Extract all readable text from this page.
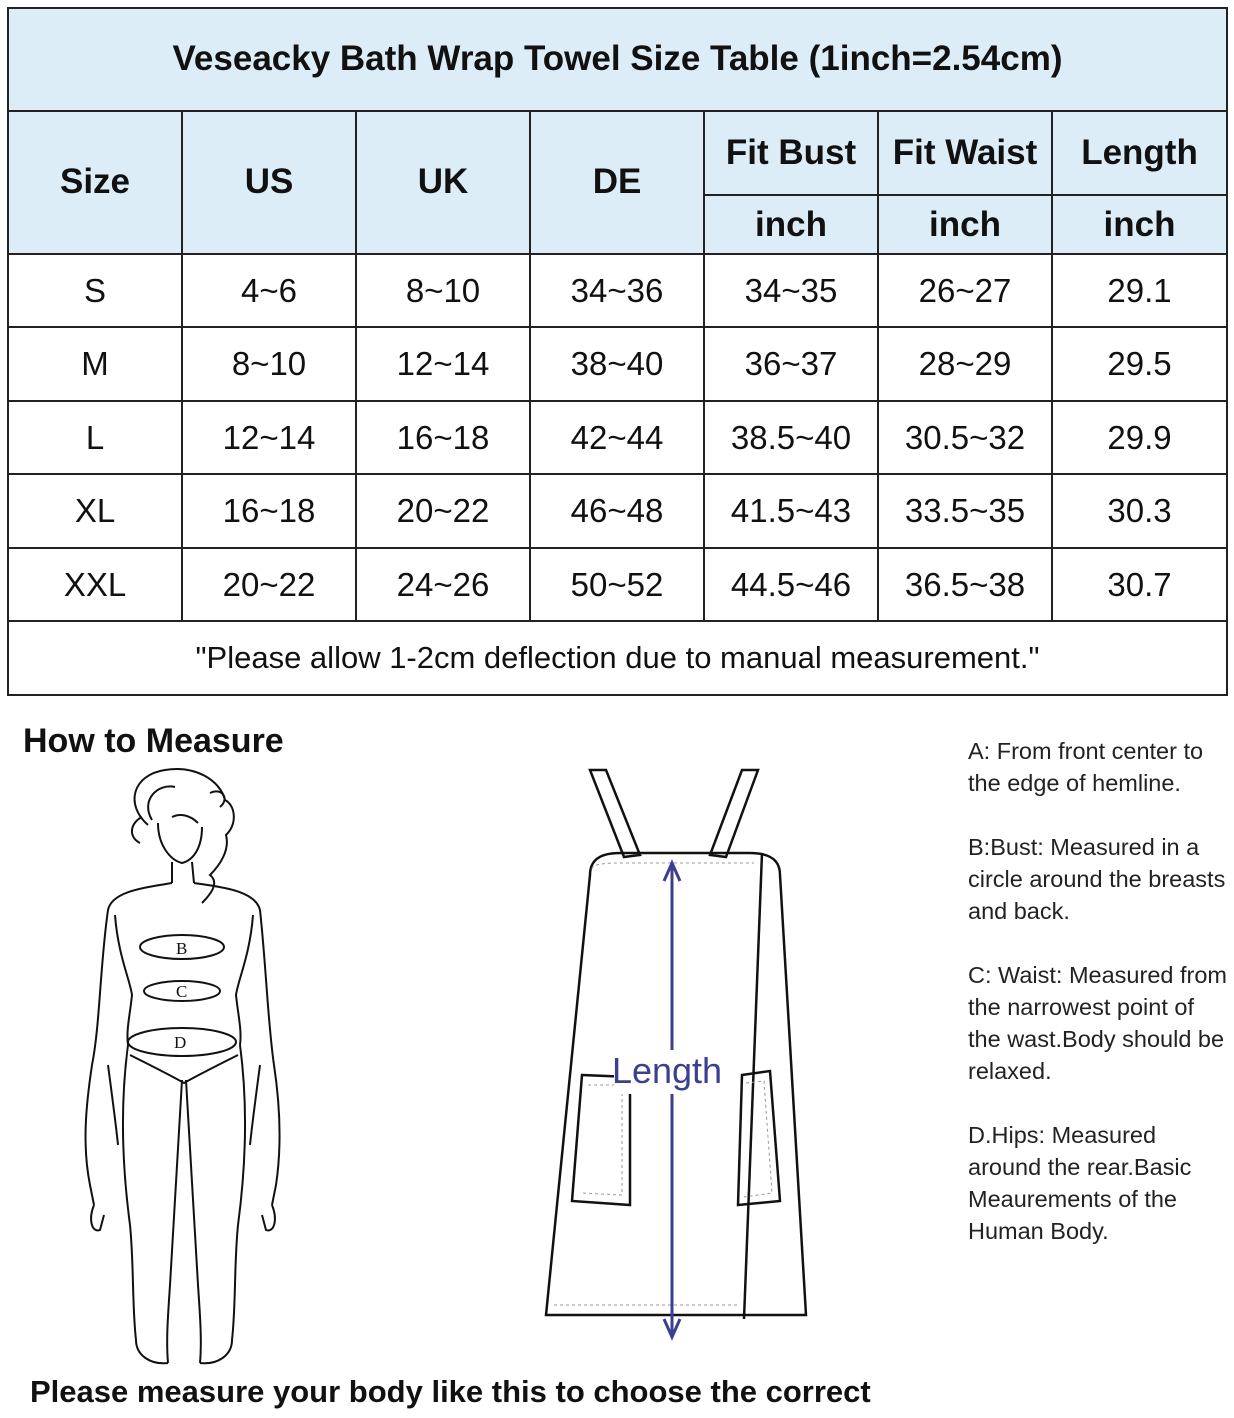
Veseacky Bath Wrap Towel Size Table (1inch=2.54cm)						
Size	US	UK	DE	Fit Bust	Fit Waist	Length
				inch	inch	inch
S	4~6	8~10	34~36	34~35	26~27	29.1
M	8~10	12~14	38~40	36~37	28~29	29.5
L	12~14	16~18	42~44	38.5~40	30.5~32	29.9
XL	16~18	20~22	46~48	41.5~43	33.5~35	30.3
XXL	20~22	24~26	50~52	44.5~46	36.5~38	30.7
"Please allow 1-2cm deflection due to manual measurement."						
How to Measure
B
C
D
Length

A: From front center to the edge of hemline.

B:Bust: Measured in a circle around the breasts and back.

C: Waist: Measured from the narrowest point of the wast.Body should be relaxed.

D.Hips: Measured around the rear.Basic Meaurements of the Human Body.

Please measure your body like this to choose the correct
